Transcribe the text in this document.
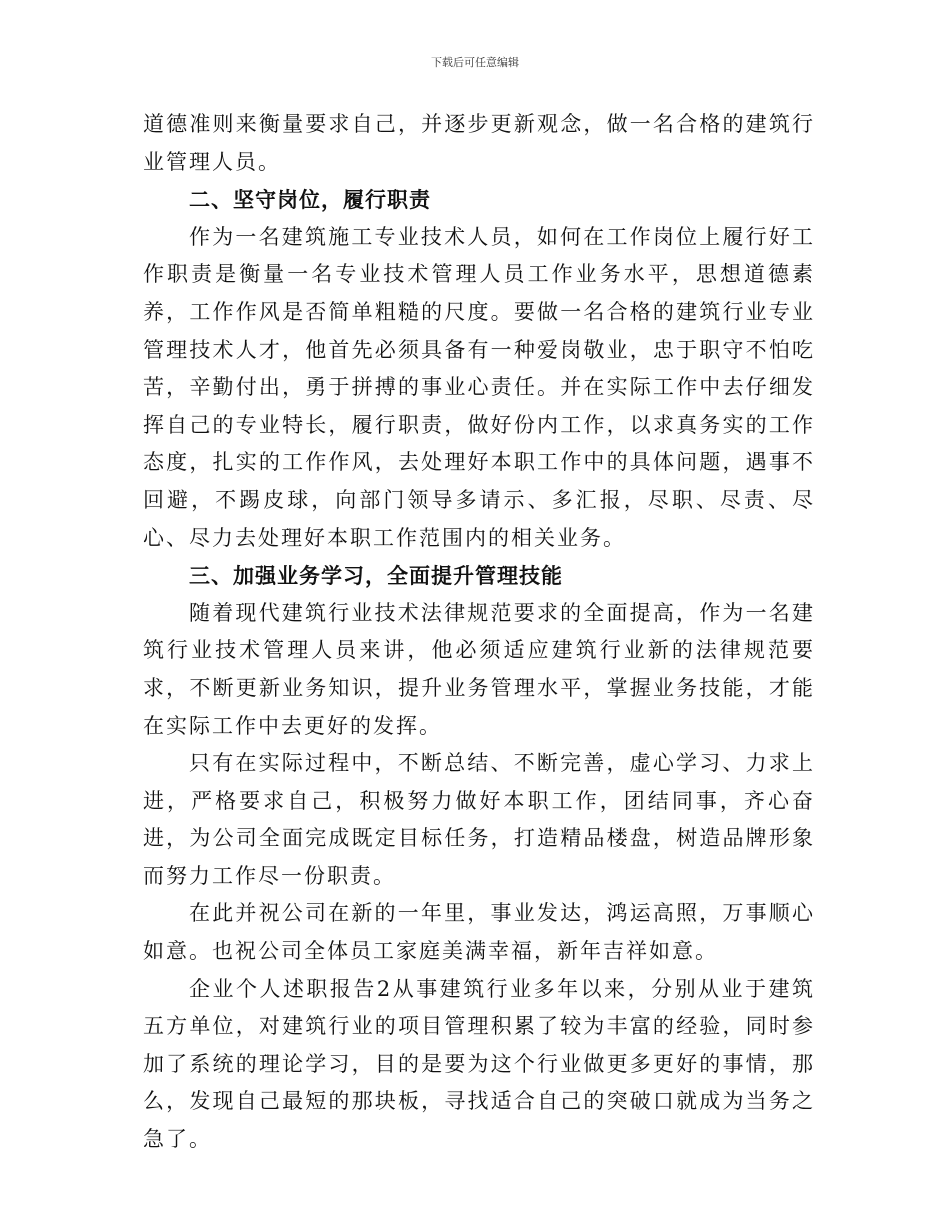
下载后可任意编辑

道德准则来衡量要求自己，并逐步更新观念，做一名合格的建筑行业管理人员。

二、坚守岗位，履行职责

作为一名建筑施工专业技术人员，如何在工作岗位上履行好工作职责是衡量一名专业技术管理人员工作业务水平，思想道德素养，工作作风是否简单粗糙的尺度。要做一名合格的建筑行业专业管理技术人才，他首先必须具备有一种爱岗敬业，忠于职守不怕吃苦，辛勤付出，勇于拼搏的事业心责任。并在实际工作中去仔细发挥自己的专业特长，履行职责，做好份内工作，以求真务实的工作态度，扎实的工作作风，去处理好本职工作中的具体问题，遇事不回避，不踢皮球，向部门领导多请示、多汇报，尽职、尽责、尽心、尽力去处理好本职工作范围内的相关业务。

三、加强业务学习，全面提升管理技能

随着现代建筑行业技术法律规范要求的全面提高，作为一名建筑行业技术管理人员来讲，他必须适应建筑行业新的法律规范要求，不断更新业务知识，提升业务管理水平，掌握业务技能，才能在实际工作中去更好的发挥。

只有在实际过程中，不断总结、不断完善，虚心学习、力求上进，严格要求自己，积极努力做好本职工作，团结同事，齐心奋进，为公司全面完成既定目标任务，打造精品楼盘，树造品牌形象而努力工作尽一份职责。

在此并祝公司在新的一年里，事业发达，鸿运高照，万事顺心如意。也祝公司全体员工家庭美满幸福，新年吉祥如意。

企业个人述职报告2从事建筑行业多年以来，分别从业于建筑五方单位，对建筑行业的项目管理积累了较为丰富的经验，同时参加了系统的理论学习，目的是要为这个行业做更多更好的事情，那么，发现自己最短的那块板，寻找适合自己的突破口就成为当务之急了。
